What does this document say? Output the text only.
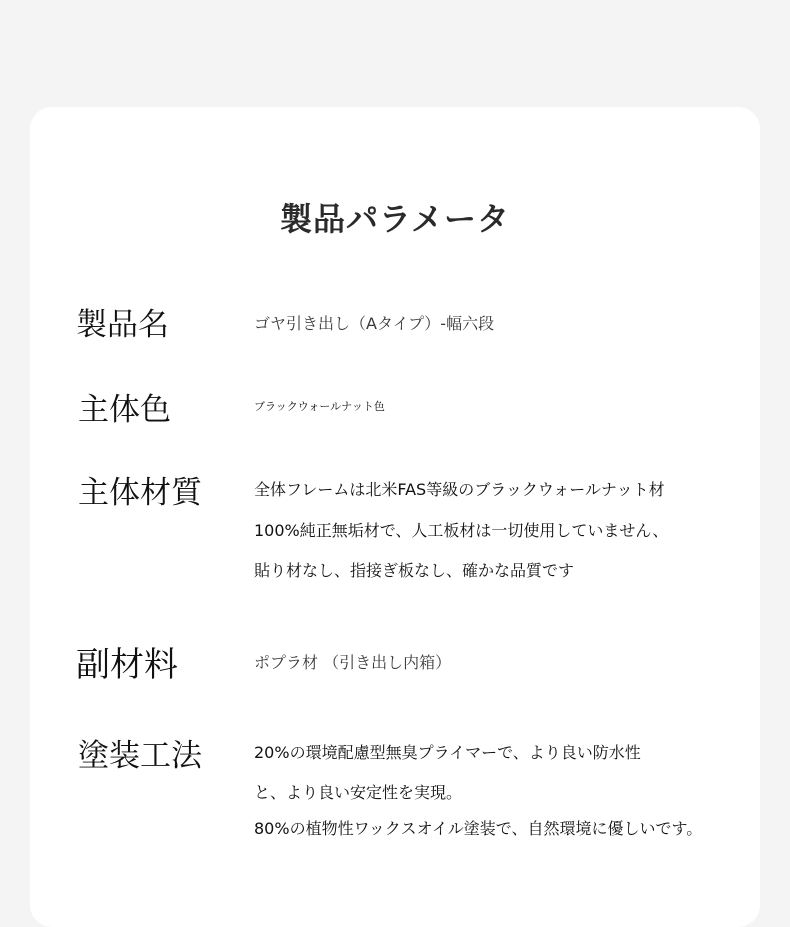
製品パラメータ
製品名	ゴヤ引き出し（Aタイプ）-幅六段
主体色	ブラックウォールナット色
主体材質	全体フレームは北米FAS等級のブラックウォールナット材
100%純正無垢材で、人工板材は一切使用していません、
貼り材なし、指接ぎ板なし、確かな品質です
副材料	ポプラ材 （引き出し内箱）
塗装工法	20%の環境配慮型無臭プライマーで、より良い防水性
と、より良い安定性を実現。
80%の植物性ワックスオイル塗装で、自然環境に優しいです。
